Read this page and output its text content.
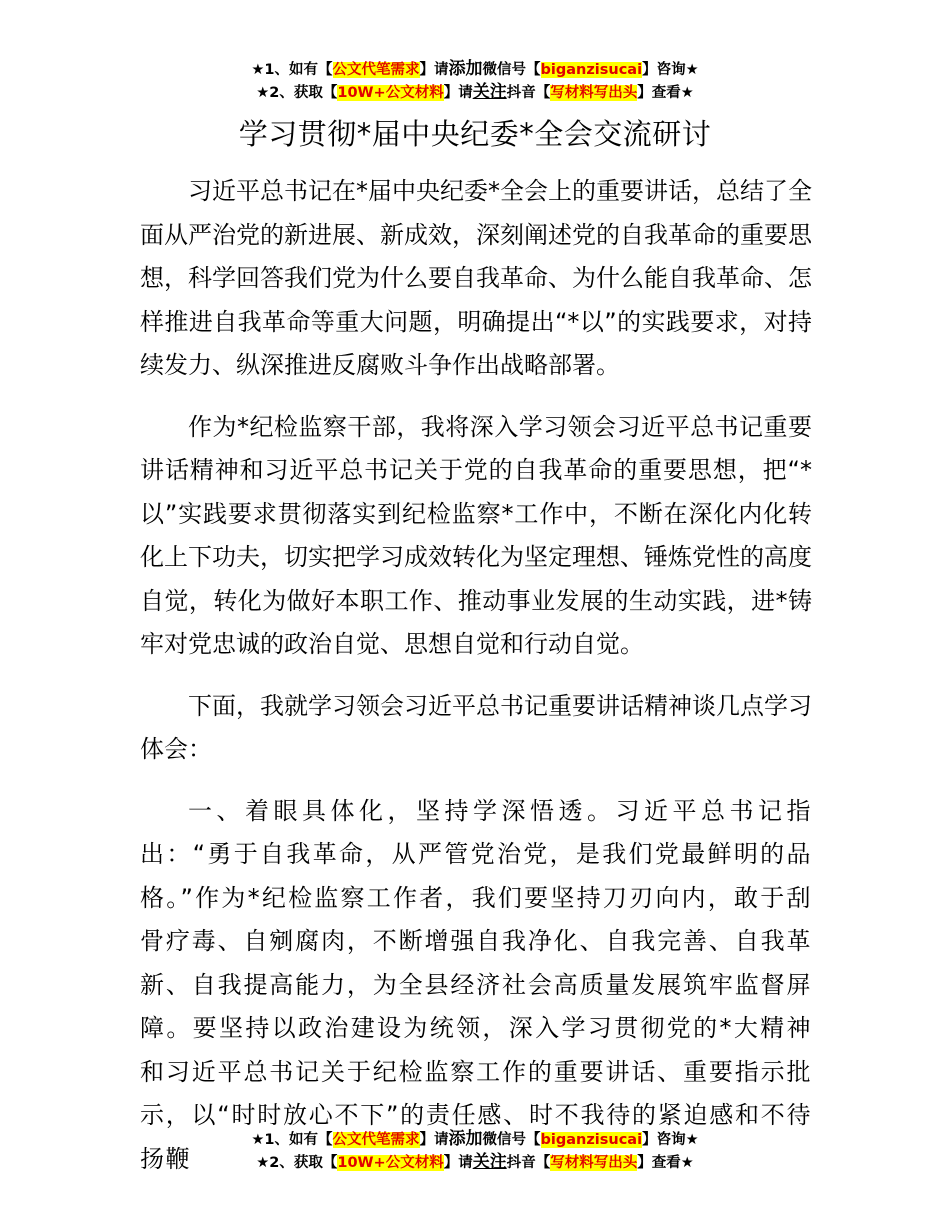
★1、如有【公文代笔需求】请添加微信号【biganzisucai】咨询★
★2、获取【10W+公文材料】请关注抖音【写材料写出头】查看★
学习贯彻*届中央纪委*全会交流研讨

习近平总书记在*届中央纪委*全会上的重要讲话，总结了全面从严治党的新进展、新成效，深刻阐述党的自我革命的重要思想，科学回答我们党为什么要自我革命、为什么能自我革命、怎样推进自我革命等重大问题，明确提出“*以”的实践要求，对持续发力、纵深推进反腐败斗争作出战略部署。

作为*纪检监察干部，我将深入学习领会习近平总书记重要讲话精神和习近平总书记关于党的自我革命的重要思想，把“*以”实践要求贯彻落实到纪检监察*工作中，不断在深化内化转化上下功夫，切实把学习成效转化为坚定理想、锤炼党性的高度自觉，转化为做好本职工作、推动事业发展的生动实践，进*铸牢对党忠诚的政治自觉、思想自觉和行动自觉。

下面，我就学习领会习近平总书记重要讲话精神谈几点学习体会：

一、着眼具体化，坚持学深悟透。习近平总书记指出：“勇于自我革命，从严管党治党，是我们党最鲜明的品格。”作为*纪检监察工作者，我们要坚持刀刃向内，敢于刮骨疗毒、自剜腐肉，不断增强自我净化、自我完善、自我革新、自我提高能力，为全县经济社会高质量发展筑牢监督屏障。要坚持以政治建设为统领，深入学习贯彻党的*大精神和习近平总书记关于纪检监察工作的重要讲话、重要指示批示，以“时时放心不下”的责任感、时不我待的紧迫感和不待扬鞭

★1、如有【公文代笔需求】请添加微信号【biganzisucai】咨询★
★2、获取【10W+公文材料】请关注抖音【写材料写出头】查看★
